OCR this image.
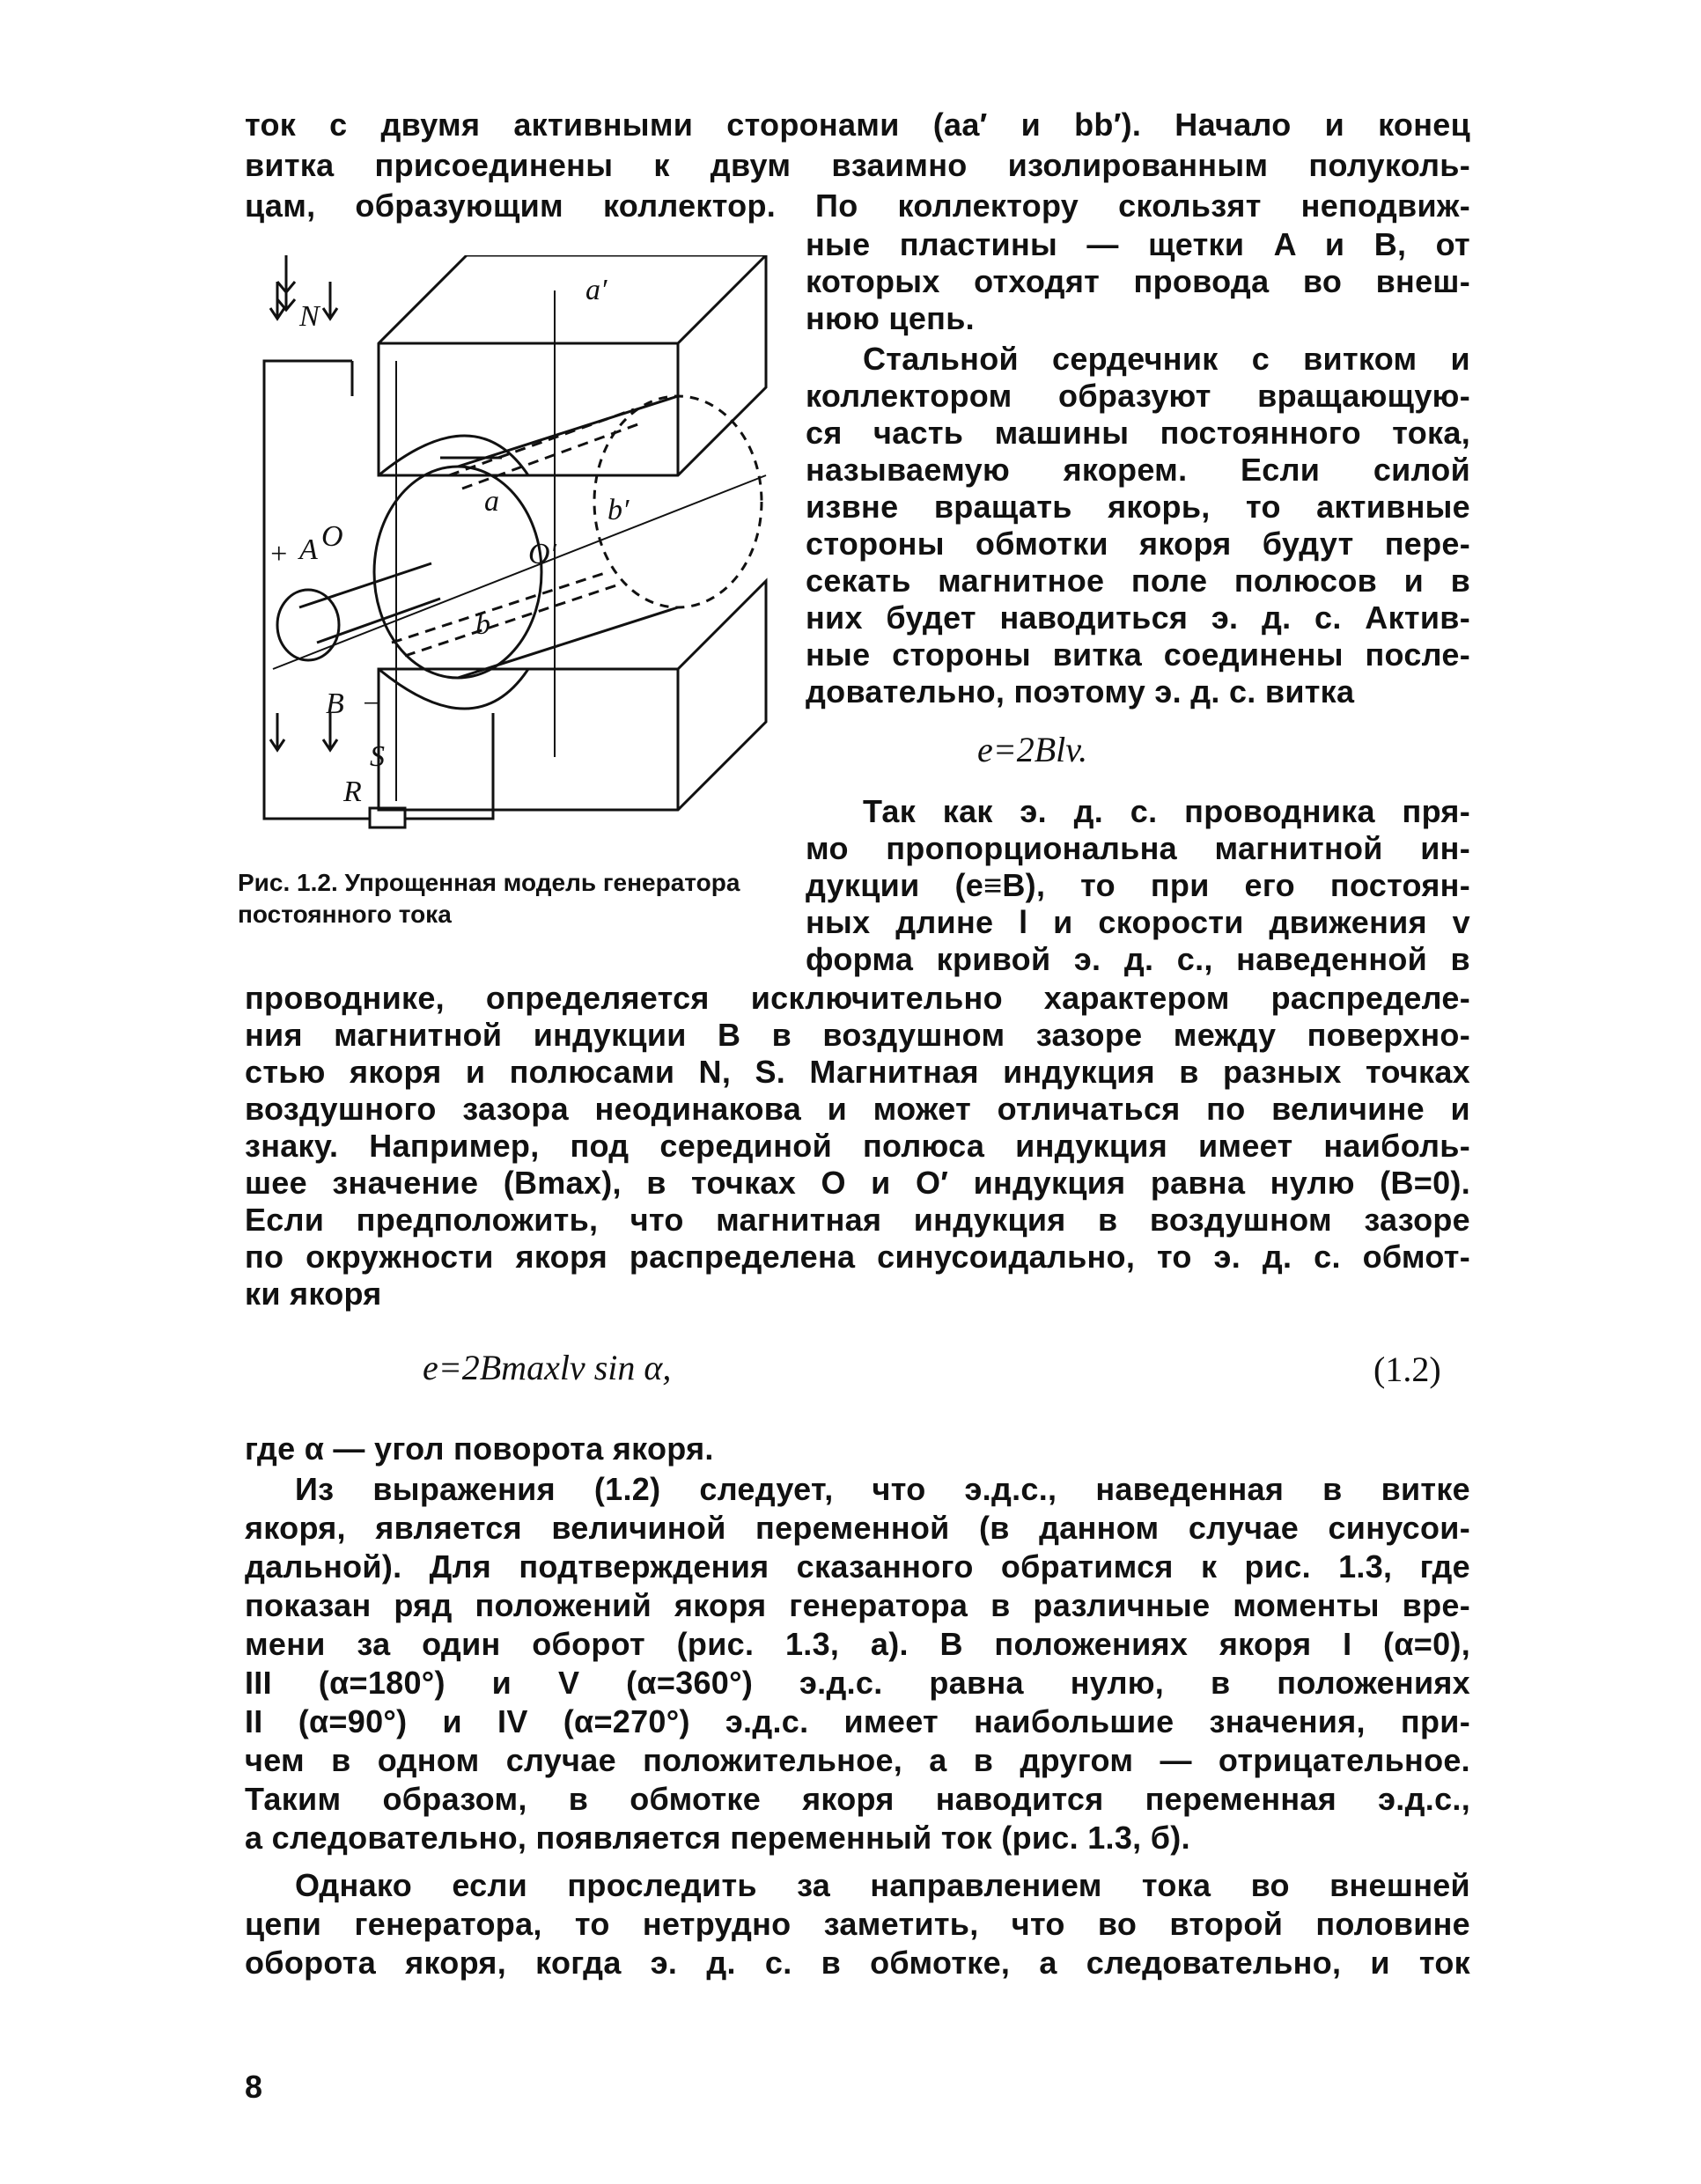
ток с двумя активными сторонами (aa′ и bb′). Начало и конец
витка присоединены к двум взаимно изолированным полуколь-
цам, образующим коллектор. По коллектору скользят неподвиж-
ные пластины — щетки A и B, от
которых отходят провода во внеш-
нюю цепь.
Стальной сердечник с витком и
коллектором образуют вращающую-
ся часть машины постоянного тока,
называемую якорем. Если силой
извне вращать якорь, то активные
стороны обмотки якоря будут пере-
секать магнитное поле полюсов и в
них будет наводиться э. д. с. Актив-
ные стороны витка соединены после-
довательно, поэтому э. д. с. витка
e=2Blv.
Так как э. д. с. проводника пря-
мо пропорциональна магнитной ин-
дукции (e≡B), то при его постоян-
ных длине l и скорости движения v
форма кривой э. д. с., наведенной в
проводнике, определяется исключительно характером распределе-
ния магнитной индукции B в воздушном зазоре между поверхно-
стью якоря и полюсами N, S. Магнитная индукция в разных точках
воздушного зазора неодинакова и может отличаться по величине и
знаку. Например, под серединой полюса индукция имеет наиболь-
шее значение (Bmax), в точках O и O′ индукция равна нулю (B=0).
Если предположить, что магнитная индукция в воздушном зазоре
по окружности якоря распределена синусоидально, то э. д. с. обмот-
ки якоря
e=2Bmaxlv sin α,	(1.2)
где α — угол поворота якоря.
Из выражения (1.2) следует, что э.д.с., наведенная в витке
якоря, является величиной переменной (в данном случае синусои-
дальной). Для подтверждения сказанного обратимся к рис. 1.3, где
показан ряд положений якоря генератора в различные моменты вре-
мени за один оборот (рис. 1.3, а). В положениях якоря I (α=0),
III (α=180°) и V (α=360°) э.д.с. равна нулю, в положениях
II (α=90°) и IV (α=270°) э.д.с. имеет наибольшие значения, при-
чем в одном случае положительное, а в другом — отрицательное.
Таким образом, в обмотке якоря наводится переменная э.д.с.,
а следовательно, появляется переменный ток (рис. 1.3, б).
Однако если проследить за направлением тока во внешней
цепи генератора, то нетрудно заметить, что во второй половине
оборота якоря, когда э. д. с. в обмотке, а следовательно, и ток
a′
N
a
O
O′
b′
A
+
b
B −
S
R
Рис. 1.2. Упрощенная модель генератора постоянного тока
8
